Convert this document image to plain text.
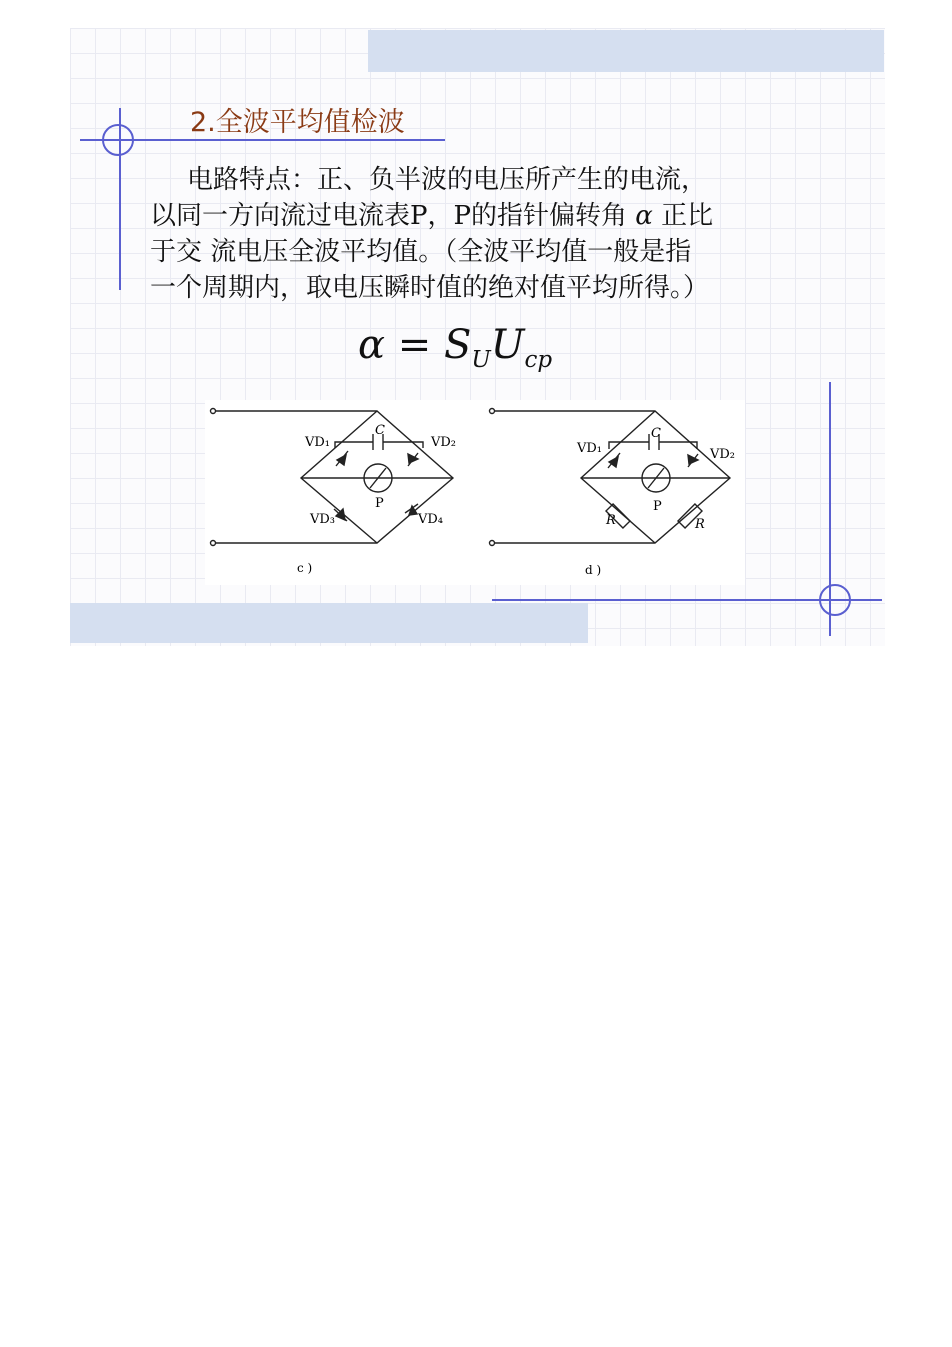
2.全波平均值检波
电路特点：正、负半波的电压所产生的电流，
以同一方向流过电流表P，P的指针偏转角 α 正比
于交 流电压全波平均值。（全波平均值一般是指
一个周期内，取电压瞬时值的绝对值平均所得。）
$\alpha = S_UU_{cp}$
VD₁	VD₂
VD₃	VD₄
C
P
c )
VD₁	VD₂
C
P
R	R
d )
